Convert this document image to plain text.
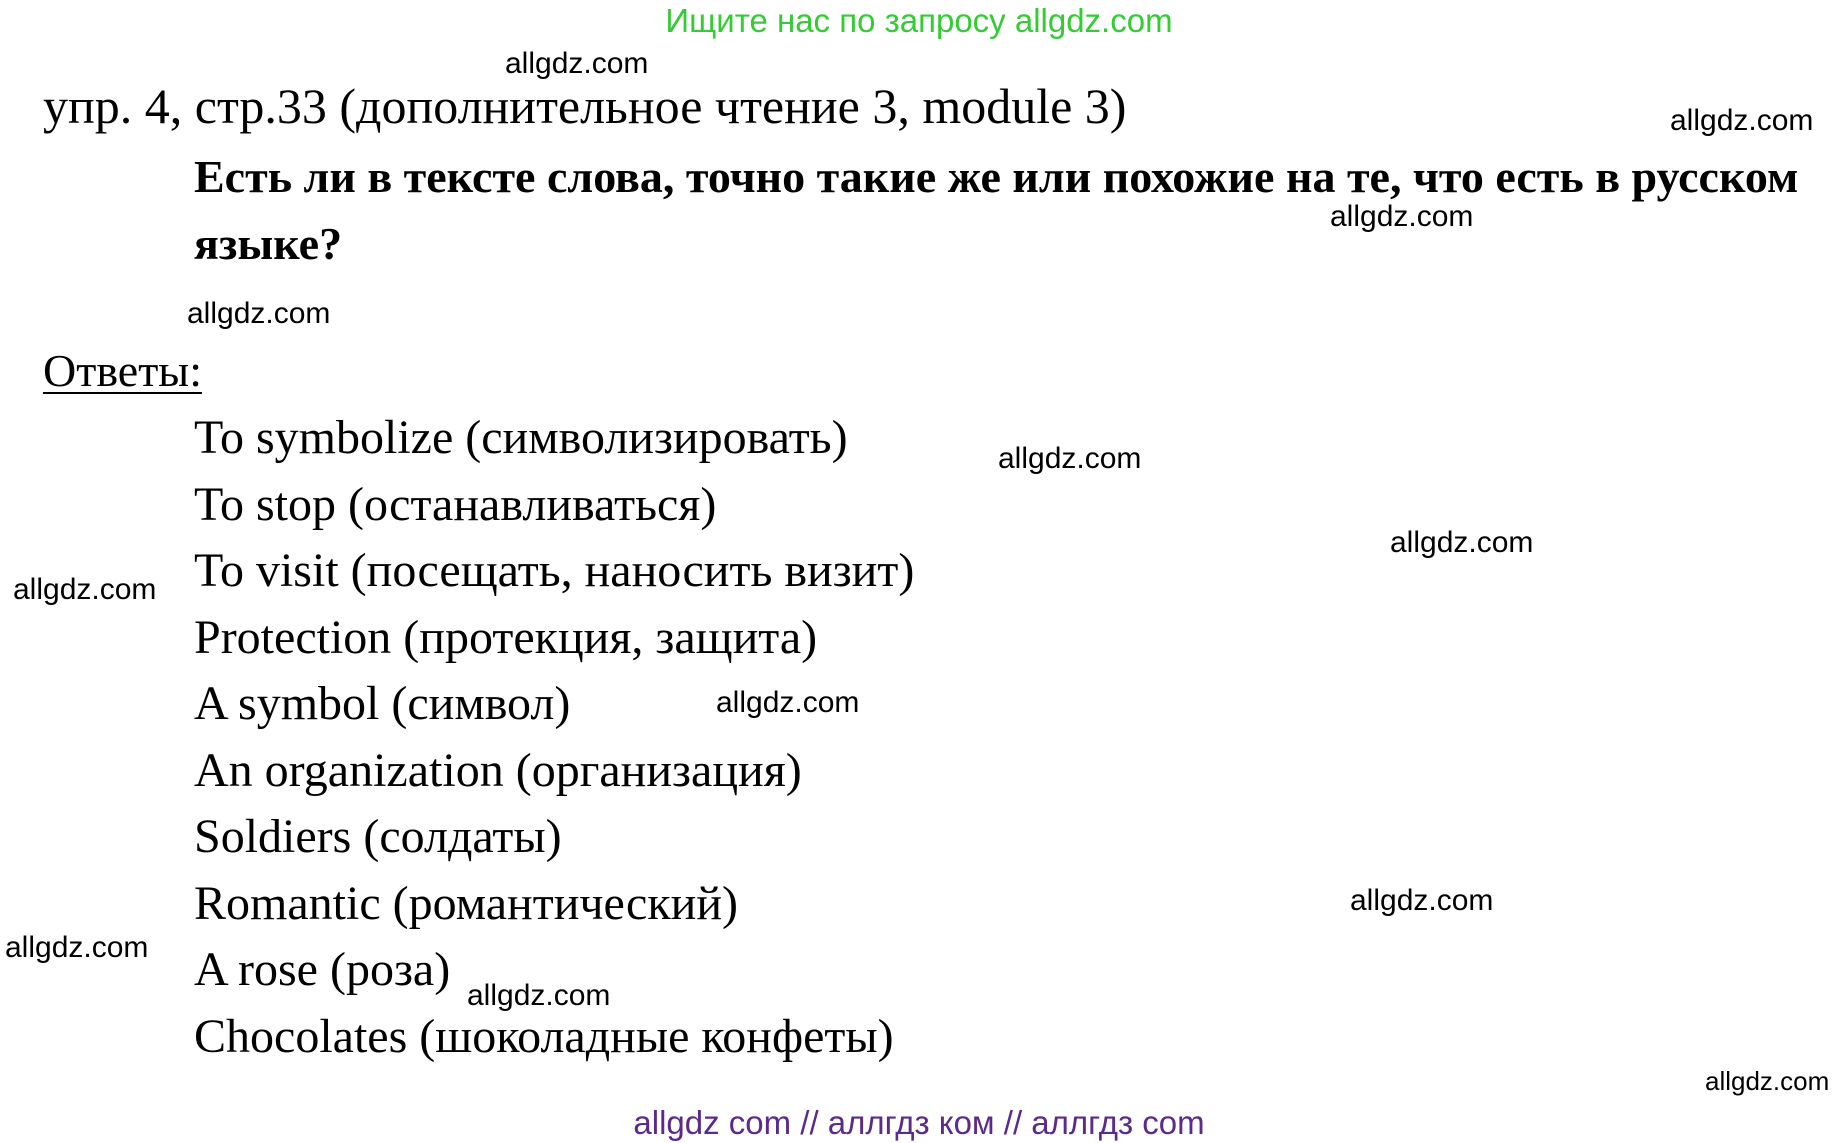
Ищите нас по запросу allgdz.com
упр. 4, стр.33 (дополнительное чтение 3, module 3)
Есть ли в тексте слова, точно такие же или похожие на те, что есть в русском языке?
Ответы:
To symbolize (символизировать)
To stop (останавливаться)
To visit (посещать, наносить визит)
Protection (протекция, защита)
A symbol (символ)
An organization (организация)
Soldiers (солдаты)
Romantic (романтический)
A rose (роза)
Chocolates (шоколадные конфеты)
allgdz.com
allgdz.com
allgdz.com
allgdz.com
allgdz.com
allgdz.com
allgdz.com
allgdz.com
allgdz.com
allgdz.com
allgdz.com
allgdz.com
allgdz com // аллгдз ком // аллгдз com
